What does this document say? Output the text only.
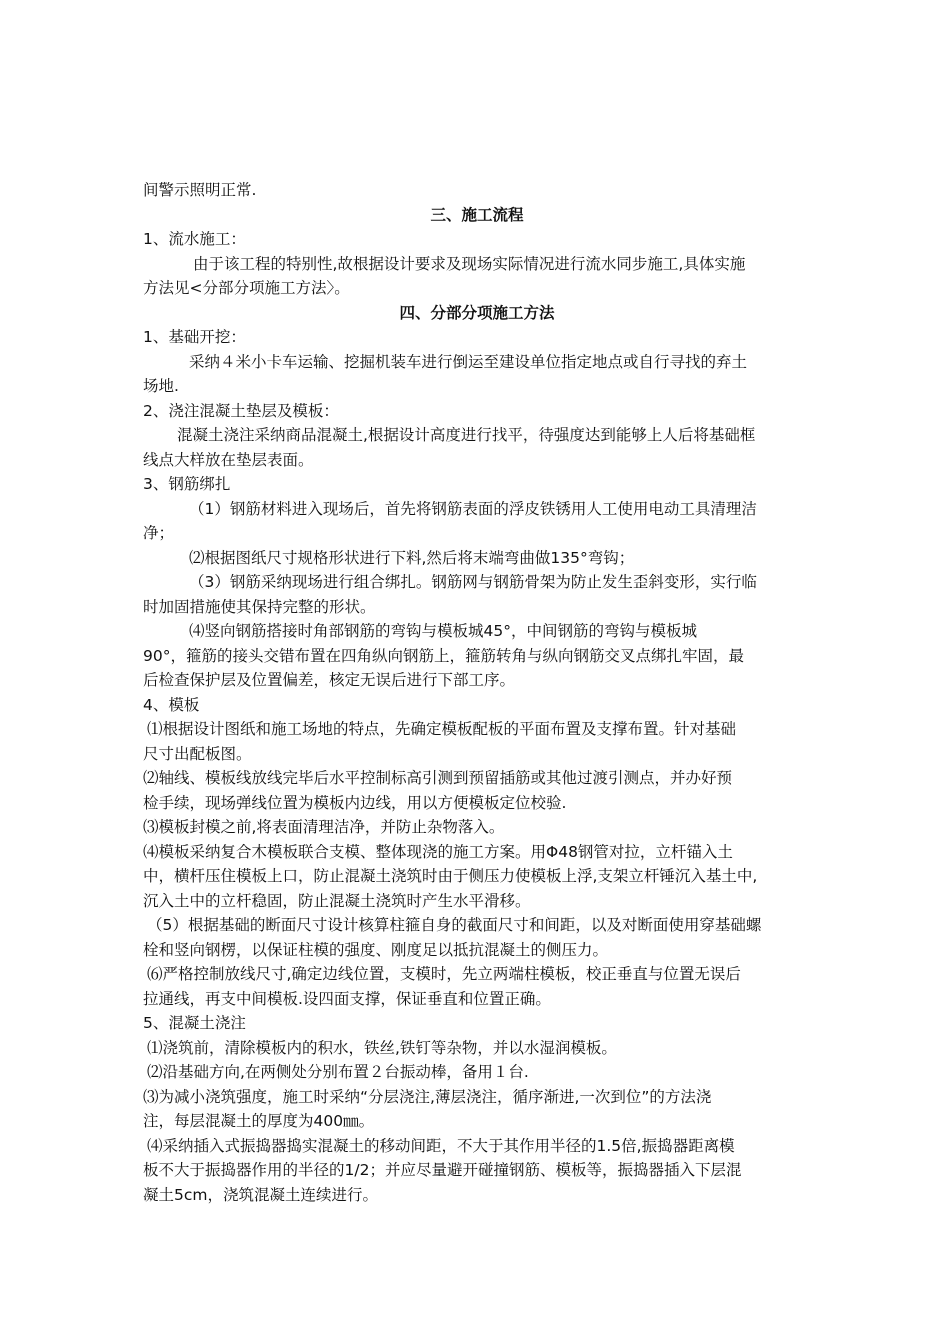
间警示照明正常.

三、施工流程

1、流水施工：

由于该工程的特别性,故根据设计要求及现场实际情况进行流水同步施工,具体实施

方法见<分部分项施工方法〉。

四、分部分项施工方法

1、基础开挖：

采纳４米小卡车运输、挖掘机装车进行倒运至建设单位指定地点或自行寻找的弃土

场地.

2、浇注混凝土垫层及模板：

混凝土浇注采纳商品混凝土,根据设计高度进行找平，待强度达到能够上人后将基础框

线点大样放在垫层表面。

3、钢筋绑扎

（1）钢筋材料进入现场后，首先将钢筋表面的浮皮铁锈用人工使用电动工具清理洁

净；

⑵根据图纸尺寸规格形状进行下料,然后将末端弯曲做135°弯钩；

（3）钢筋采纳现场进行组合绑扎。钢筋网与钢筋骨架为防止发生歪斜变形，实行临

时加固措施使其保持完整的形状。

⑷竖向钢筋搭接时角部钢筋的弯钩与模板城45°，中间钢筋的弯钩与模板城

90°，箍筋的接头交错布置在四角纵向钢筋上，箍筋转角与纵向钢筋交叉点绑扎牢固，最

后检查保护层及位置偏差，核定无误后进行下部工序。

4、模板

⑴根据设计图纸和施工场地的特点，先确定模板配板的平面布置及支撑布置。针对基础

尺寸出配板图。

⑵轴线、模板线放线完毕后水平控制标高引测到预留插筋或其他过渡引测点，并办好预

检手续，现场弹线位置为模板内边线，用以方便模板定位校验.

⑶模板封模之前,将表面清理洁净，并防止杂物落入。

⑷模板采纳复合木模板联合支模、整体现浇的施工方案。用Φ48钢管对拉，立杆锚入土

中，横杆压住模板上口，防止混凝土浇筑时由于侧压力使模板上浮,支架立杆锤沉入基土中,

沉入土中的立杆稳固，防止混凝土浇筑时产生水平滑移。

（5）根据基础的断面尺寸设计核算柱箍自身的截面尺寸和间距，以及对断面使用穿基础螺

栓和竖向钢楞，以保证柱模的强度、刚度足以抵抗混凝土的侧压力。

⑹严格控制放线尺寸,确定边线位置，支模时，先立两端柱模板，校正垂直与位置无误后

拉通线，再支中间模板.设四面支撑，保证垂直和位置正确。

5、混凝土浇注

⑴浇筑前，清除模板内的积水，铁丝,铁钉等杂物，并以水湿润模板。

⑵沿基础方向,在两侧处分别布置２台振动棒，备用１台.

⑶为减小浇筑强度，施工时采纳“分层浇注,薄层浇注，循序渐进,一次到位”的方法浇

注，每层混凝土的厚度为400㎜。

⑷采纳插入式振捣器捣实混凝土的移动间距，不大于其作用半径的1.5倍,振捣器距离模

板不大于振捣器作用的半径的1/2；并应尽量避开碰撞钢筋、模板等，振捣器插入下层混

凝土5cm，浇筑混凝土连续进行。
